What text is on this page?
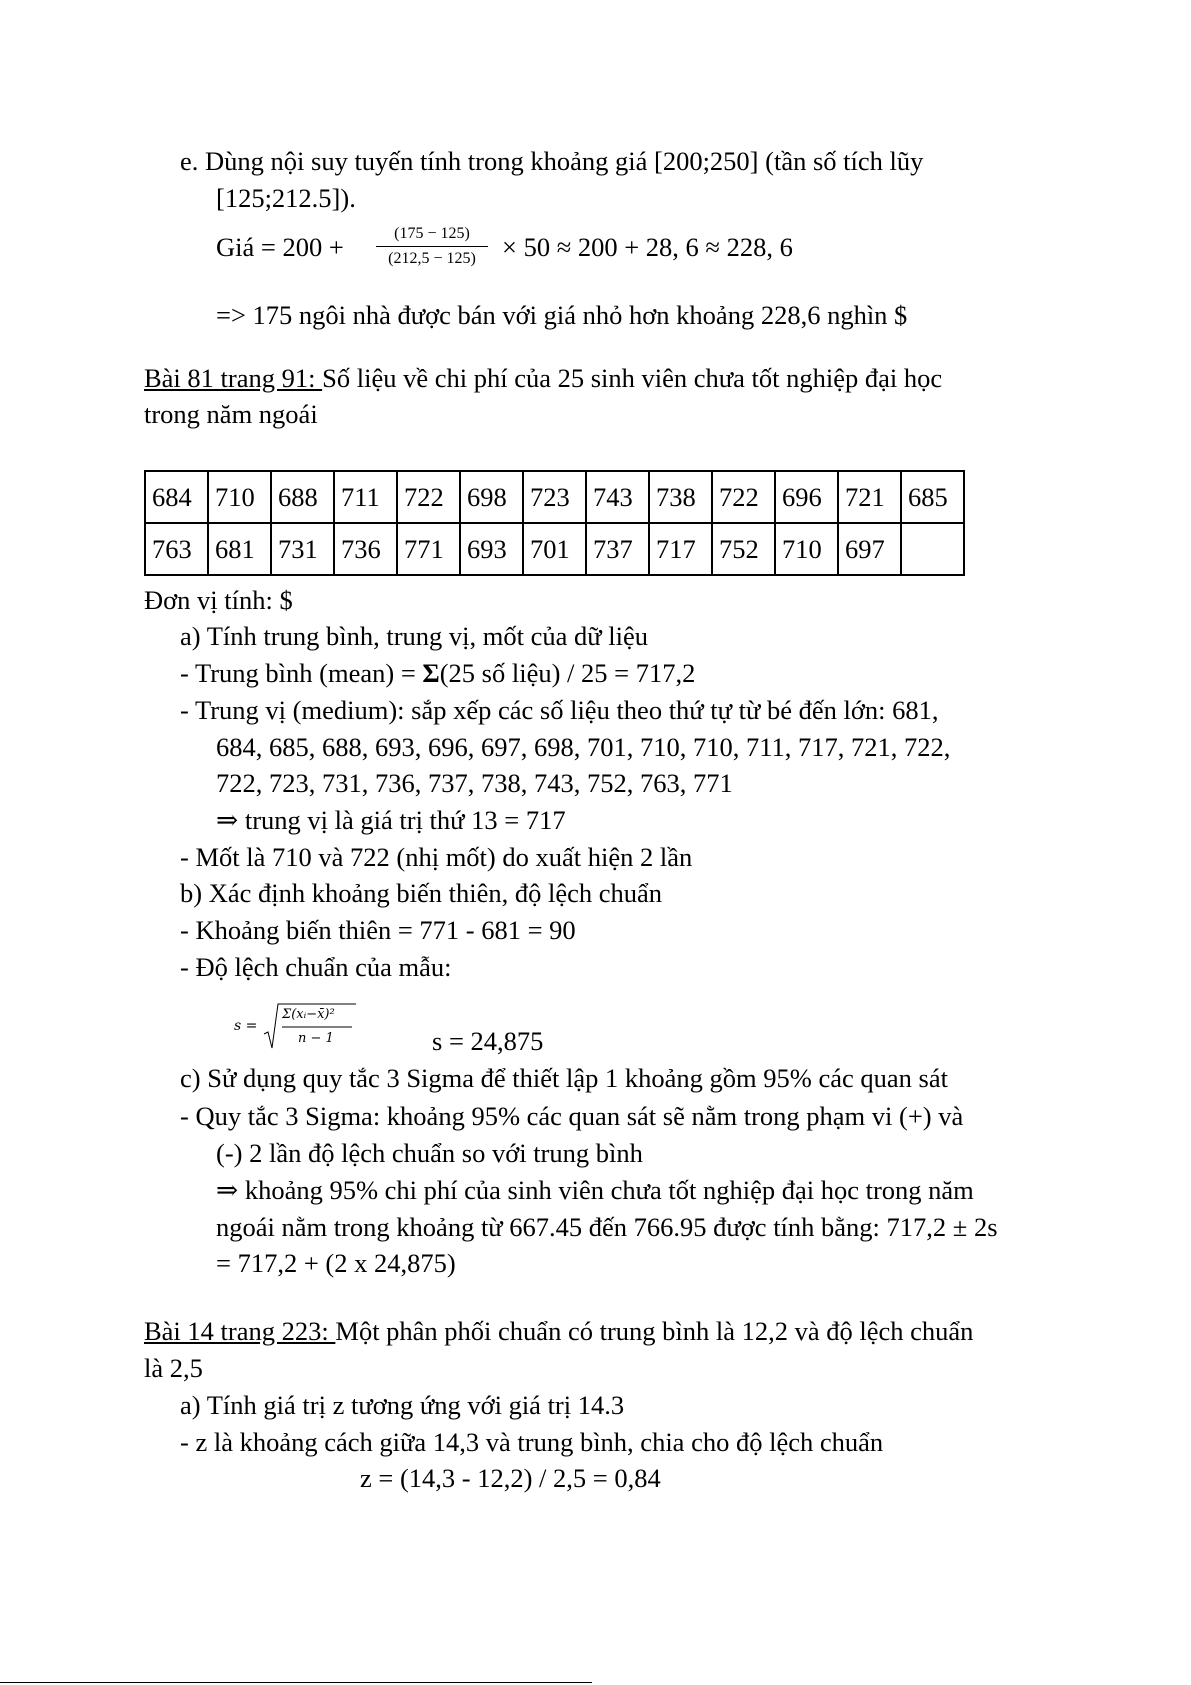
e. Dùng nội suy tuyến tính trong khoảng giá [200;250] (tần số tích lũy
[125;212.5]).
Giá = 200 +	(175 − 125)
(212,5 − 125) × 50 ≈ 200 + 28, 6 ≈ 228, 6
=> 175 ngôi nhà được bán với giá nhỏ hơn khoảng 228,6 nghìn $
Bài 81 trang 91: Số liệu về chi phí của 25 sinh viên chưa tốt nghiệp đại học
trong năm ngoái
684	710	688	711	722	698	723	743	738	722	696	721	685
763	681	731	736	771	693	701	737	717	752	710	697	
Đơn vị tính: $
a) Tính trung bình, trung vị, mốt của dữ liệu
- Trung bình (mean) = Σ(25 số liệu) / 25 = 717,2
- Trung vị (medium): sắp xếp các số liệu theo thứ tự từ bé đến lớn: 681,
684, 685, 688, 693, 696, 697, 698, 701, 710, 710, 711, 717, 721, 722,
722, 723, 731, 736, 737, 738, 743, 752, 763, 771
⇒ trung vị là giá trị thứ 13 = 717
- Mốt là 710 và 722 (nhị mốt) do xuất hiện 2 lần
b) Xác định khoảng biến thiên, độ lệch chuẩn
- Khoảng biến thiên = 771 - 681 = 90
- Độ lệch chuẩn của mẫu:
s =
Σ(xᵢ−x̄)²
n − 1	s = 24,875
c) Sử dụng quy tắc 3 Sigma để thiết lập 1 khoảng gồm 95% các quan sát
- Quy tắc 3 Sigma: khoảng 95% các quan sát sẽ nằm trong phạm vi (+) và
(-) 2 lần độ lệch chuẩn so với trung bình
⇒ khoảng 95% chi phí của sinh viên chưa tốt nghiệp đại học trong năm
ngoái nằm trong khoảng từ 667.45 đến 766.95 được tính bằng: 717,2 ± 2s
= 717,2 + (2 x 24,875)
Bài 14 trang 223: Một phân phối chuẩn có trung bình là 12,2 và độ lệch chuẩn
là 2,5
a) Tính giá trị z tương ứng với giá trị 14.3
- z là khoảng cách giữa 14,3 và trung bình, chia cho độ lệch chuẩn
z = (14,3 - 12,2) / 2,5 = 0,84
